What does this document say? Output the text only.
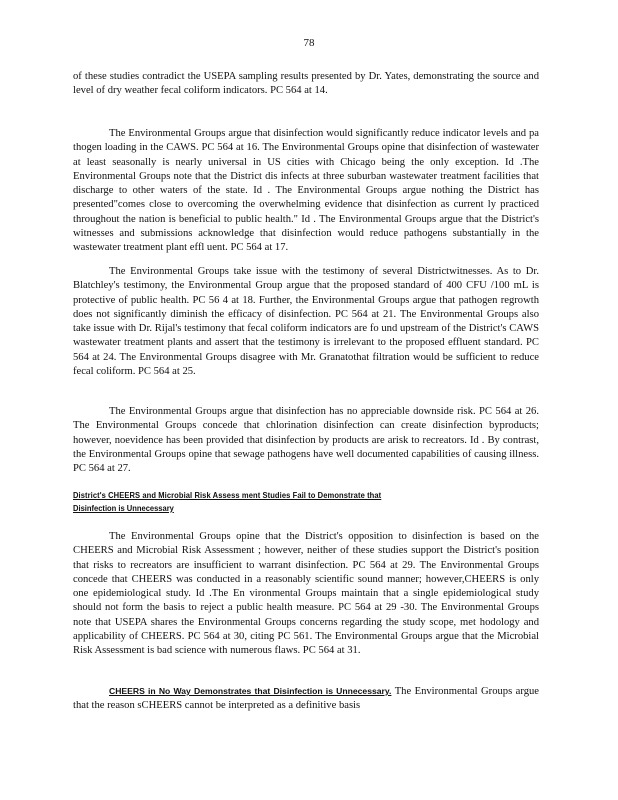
78

of these studies contradict the USEPA sampling results presented by Dr. Yates, demonstrating the source and level of dry weather fecal coliform indicators. PC 564 at 14.

The Environmental Groups argue that disinfection would significantly reduce indicator levels and pa thogen loading in the CAWS. PC 564 at 16. The Environmental Groups opine that disinfection of wastewater at least seasonally is nearly universal in US cities with Chicago being the only exception. Id .The Environmental Groups note that the District dis infects at three suburban wastewater treatment facilities that discharge to other waters of the state. Id . The Environmental Groups argue nothing the District has presented"comes close to overcoming the overwhelming evidence that disinfection as current ly practiced throughout the nation is beneficial to public health." Id . The Environmental Groups argue that the District's witnesses and submissions acknowledge that disinfection would reduce pathogens substantially in the wastewater treatment plant effl uent. PC 564 at 17.

The Environmental Groups take issue with the testimony of several Districtwitnesses. As to Dr. Blatchley's testimony, the Environmental Group argue that the proposed standard of 400 CFU /100 mL is protective of public health. PC 56 4 at 18. Further, the Environmental Groups argue that pathogen regrowth does not significantly diminish the efficacy of disinfection. PC 564 at 21. The Environmental Groups also take issue with Dr. Rijal's testimony that fecal coliform indicators are fo und upstream of the District's CAWS wastewater treatment plants and assert that the testimony is irrelevant to the proposed effluent standard. PC 564 at 24. The Environmental Groups disagree with Mr. Granatothat filtration would be sufficient to reduce fecal coliform. PC 564 at 25.

The Environmental Groups argue that disinfection has no appreciable downside risk. PC 564 at 26. The Environmental Groups concede that chlorination disinfection can create disinfection byproducts; however, noevidence has been provided that disinfection by products are arisk to recreators. Id . By contrast, the Environmental Groups opine that sewage pathogens have well documented capabilities of causing illness. PC 564 at 27.

District's CHEERS and Microbial Risk Assess ment Studies Fail to Demonstrate that
Disinfection is Unnecessary

The Environmental Groups opine that the District's opposition to disinfection is based on the CHEERS and Microbial Risk Assessment ; however, neither of these studies support the District's position that risks to recreators are insufficient to warrant disinfection. PC 564 at 29. The Environmental Groups concede that CHEERS was conducted in a reasonably scientific sound manner; however,CHEERS is only one epidemiological study. Id .The En vironmental Groups maintain that a single epidemiological study should not form the basis to reject a public health measure. PC 564 at 29 -30. The Environmental Groups note that USEPA shares the Environmental Groups concerns regarding the study scope, met hodology and applicability of CHEERS. PC 564 at 30, citing PC 561. The Environmental Groups argue that the Microbial Risk Assessment is bad science with numerous flaws. PC 564 at 31.

CHEERS in No Way Demonstrates that Disinfection is Unnecessary. The Environmental Groups argue that the reason sCHEERS cannot be interpreted as a definitive basis
